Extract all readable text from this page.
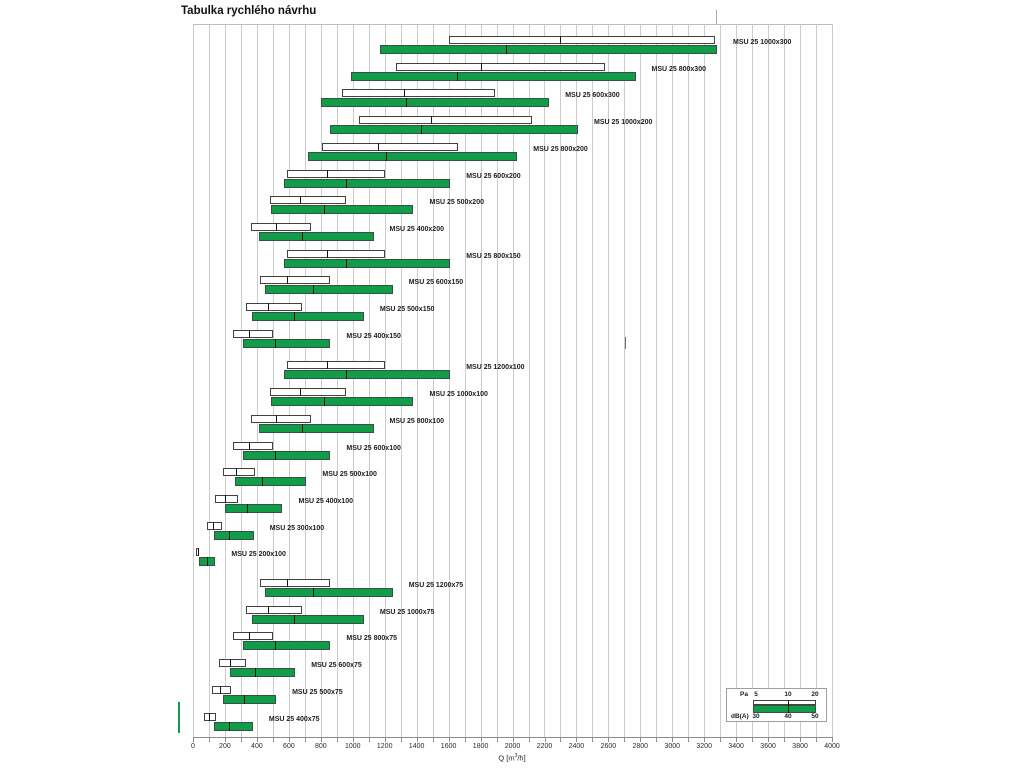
Tabulka rychlého návrhu
MSU 25 1000x300
MSU 25 800x300
MSU 25 600x300
MSU 25 1000x200
MSU 25 800x200
MSU 25 600x200
MSU 25 500x200
MSU 25 400x200
MSU 25 800x150
MSU 25 600x150
MSU 25 500x150
MSU 25 400x150
MSU 25 1200x100
MSU 25 1000x100
MSU 25 800x100
MSU 25 600x100
MSU 25 500x100
MSU 25 400x100
MSU 25 300x100
MSU 25 200x100
MSU 25 1200x75
MSU 25 1000x75
MSU 25 800x75
MSU 25 600x75
MSU 25 500x75
MSU 25 400x75
0	200	400	600	800	1000	1200	1400	1600	1800	2000	2200	2400	2600	2800	3000	3200	3400	3600	3800	4000
Q $[m^3/h]$
Pa
dB(A)
5	10	20
30	40	50
